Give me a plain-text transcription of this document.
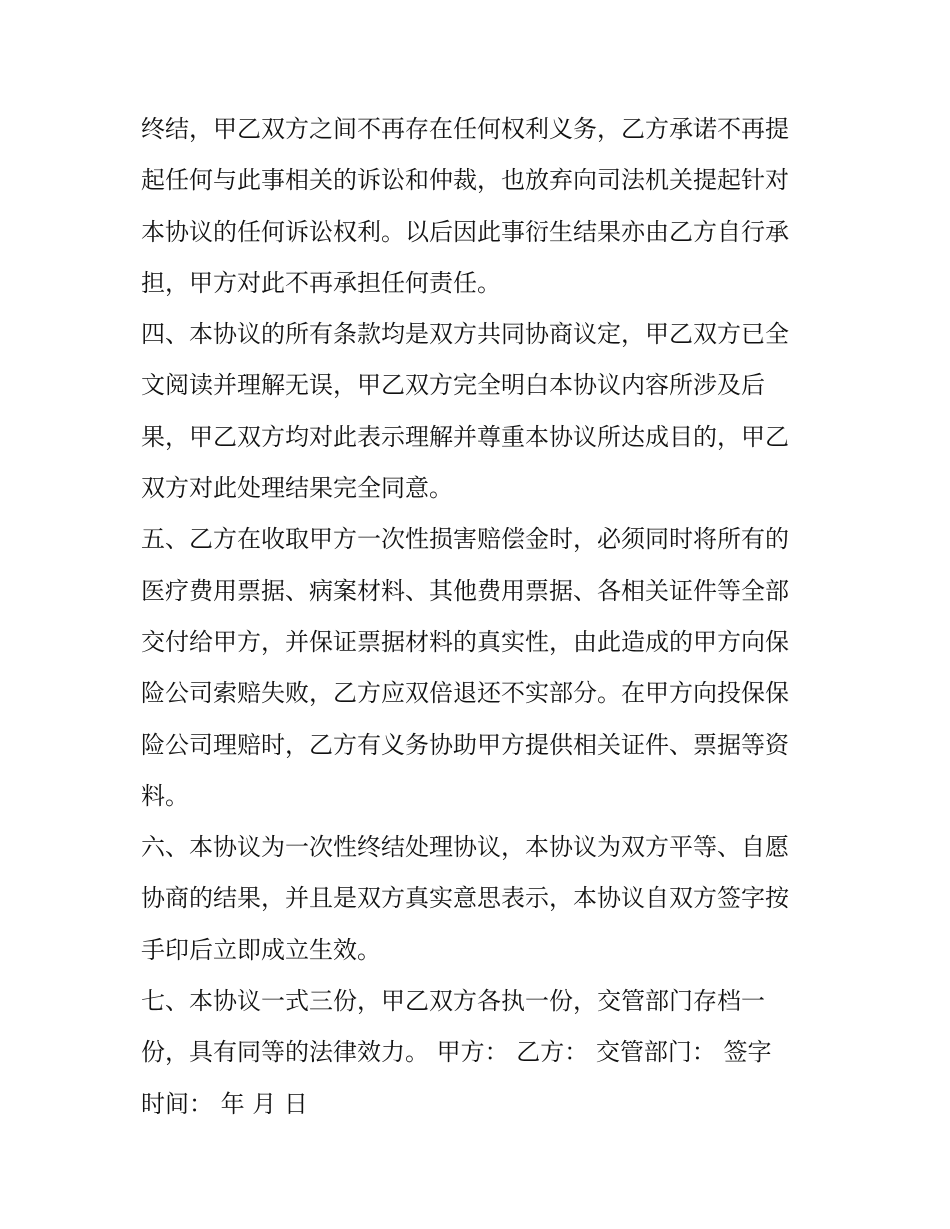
终结，甲乙双方之间不再存在任何权利义务，乙方承诺不再提
起任何与此事相关的诉讼和仲裁，也放弃向司法机关提起针对
本协议的任何诉讼权利。以后因此事衍生结果亦由乙方自行承
担，甲方对此不再承担任何责任。
四、本协议的所有条款均是双方共同协商议定，甲乙双方已全
文阅读并理解无误，甲乙双方完全明白本协议内容所涉及后
果，甲乙双方均对此表示理解并尊重本协议所达成目的，甲乙
双方对此处理结果完全同意。
五、乙方在收取甲方一次性损害赔偿金时，必须同时将所有的
医疗费用票据、病案材料、其他费用票据、各相关证件等全部
交付给甲方，并保证票据材料的真实性，由此造成的甲方向保
险公司索赔失败，乙方应双倍退还不实部分。在甲方向投保保
险公司理赔时，乙方有义务协助甲方提供相关证件、票据等资
料。
六、本协议为一次性终结处理协议，本协议为双方平等、自愿
协商的结果，并且是双方真实意思表示，本协议自双方签字按
手印后立即成立生效。
七、本协议一式三份，甲乙双方各执一份，交管部门存档一
份，具有同等的法律效力。 甲方： 乙方： 交管部门： 签字
时间： 年 月 日
